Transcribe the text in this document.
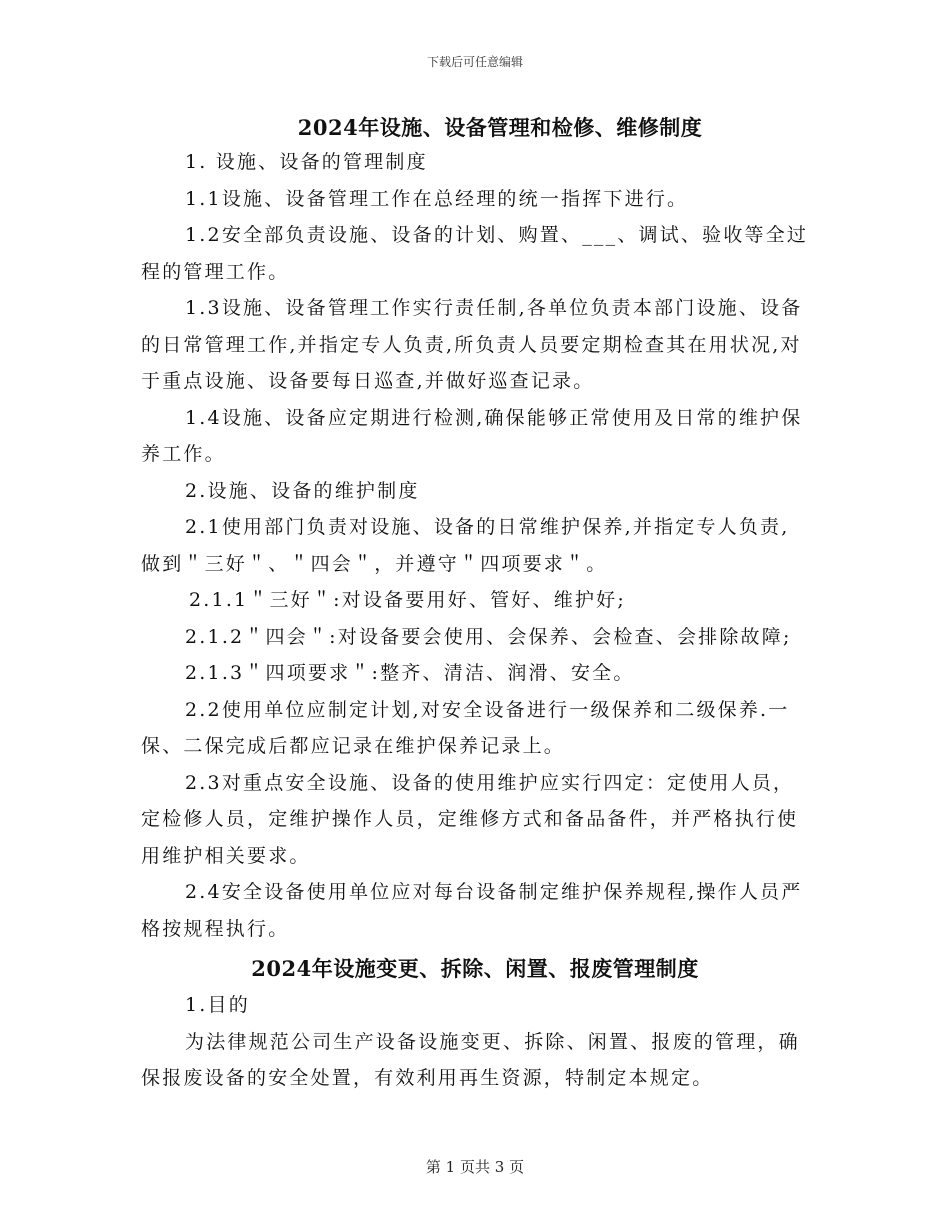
下载后可任意编辑
2024年设施、设备管理和检修、维修制度

1. 设施、设备的管理制度

1.1设施、设备管理工作在总经理的统一指挥下进行。

1.2安全部负责设施、设备的计划、购置、___、调试、验收等全过程的管理工作。

1.3设施、设备管理工作实行责任制,各单位负责本部门设施、设备的日常管理工作,并指定专人负责,所负责人员要定期检查其在用状况,对于重点设施、设备要每日巡查,并做好巡查记录。

1.4设施、设备应定期进行检测,确保能够正常使用及日常的维护保养工作。

2.设施、设备的维护制度

2.1使用部门负责对设施、设备的日常维护保养,并指定专人负责,做到＂三好＂、＂四会＂，并遵守＂四项要求＂。

2.1.1＂三好＂:对设备要用好、管好、维护好;

2.1.2＂四会＂:对设备要会使用、会保养、会检查、会排除故障;

2.1.3＂四项要求＂:整齐、清洁、润滑、安全。

2.2使用单位应制定计划,对安全设备进行一级保养和二级保养.一保、二保完成后都应记录在维护保养记录上。

2.3对重点安全设施、设备的使用维护应实行四定：定使用人员，定检修人员，定维护操作人员，定维修方式和备品备件，并严格执行使用维护相关要求。

2.4安全设备使用单位应对每台设备制定维护保养规程,操作人员严格按规程执行。

2024年设施变更、拆除、闲置、报废管理制度

1.目的

为法律规范公司生产设备设施变更、拆除、闲置、报废的管理，确保报废设备的安全处置，有效利用再生资源，特制定本规定。

第 1 页共 3 页
